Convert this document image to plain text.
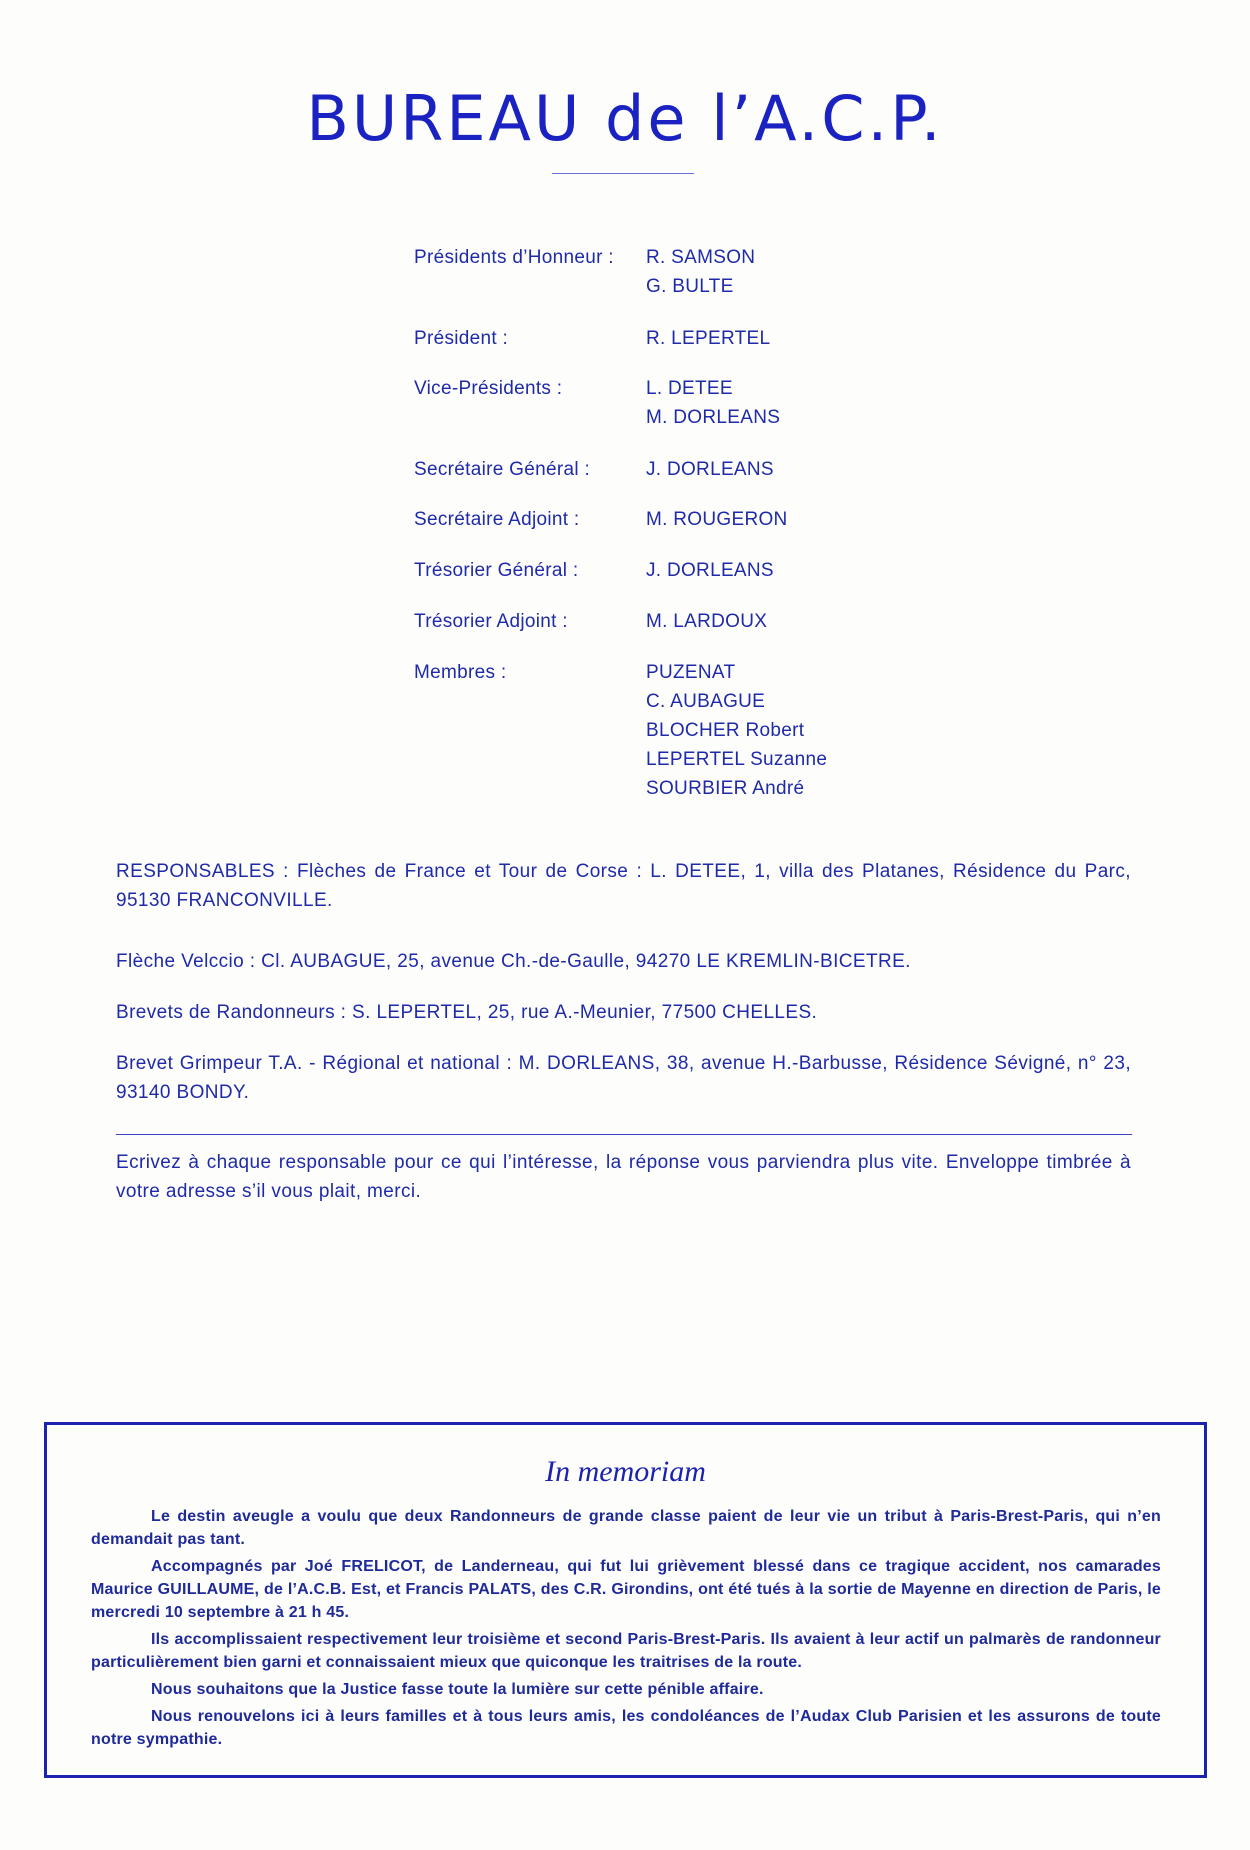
BUREAU de l’A.C.P.
Présidents d’Honneur :	R. SAMSON
G. BULTE
Président :	R. LEPERTEL
Vice-Présidents :	L. DETEE
M. DORLEANS
Secrétaire Général :	J. DORLEANS
Secrétaire Adjoint :	M. ROUGERON
Trésorier Général :	J. DORLEANS
Trésorier Adjoint :	M. LARDOUX
Membres :	PUZENAT
C. AUBAGUE
BLOCHER Robert
LEPERTEL Suzanne
SOURBIER André

RESPONSABLES : Flèches de France et Tour de Corse : L. DETEE, 1, villa des Platanes, Résidence du Parc, 95130 FRANCONVILLE.

Flèche Velccio : Cl. AUBAGUE, 25, avenue Ch.-de-Gaulle, 94270 LE KREMLIN-BICETRE.

Brevets de Randonneurs : S. LEPERTEL, 25, rue A.-Meunier, 77500 CHELLES.

Brevet Grimpeur T.A. - Régional et national : M. DORLEANS, 38, avenue H.-Barbusse, Résidence Sévigné, n° 23, 93140 BONDY.

Ecrivez à chaque responsable pour ce qui l’intéresse, la réponse vous parviendra plus vite. Enveloppe timbrée à votre adresse s’il vous plait, merci.

In memoriam

Le destin aveugle a voulu que deux Randonneurs de grande classe paient de leur vie un tribut à Paris-Brest-Paris, qui n’en demandait pas tant.

Accompagnés par Joé FRELICOT, de Landerneau, qui fut lui grièvement blessé dans ce tragique accident, nos camarades Maurice GUILLAUME, de l’A.C.B. Est, et Francis PALATS, des C.R. Girondins, ont été tués à la sortie de Mayenne en direction de Paris, le mercredi 10 septembre à 21 h 45.

Ils accomplissaient respectivement leur troisième et second Paris-Brest-Paris. Ils avaient à leur actif un palmarès de randonneur particulièrement bien garni et connaissaient mieux que quiconque les traitrises de la route.

Nous souhaitons que la Justice fasse toute la lumière sur cette pénible affaire.

Nous renouvelons ici à leurs familles et à tous leurs amis, les condoléances de l’Audax Club Parisien et les assurons de toute notre sympathie.
